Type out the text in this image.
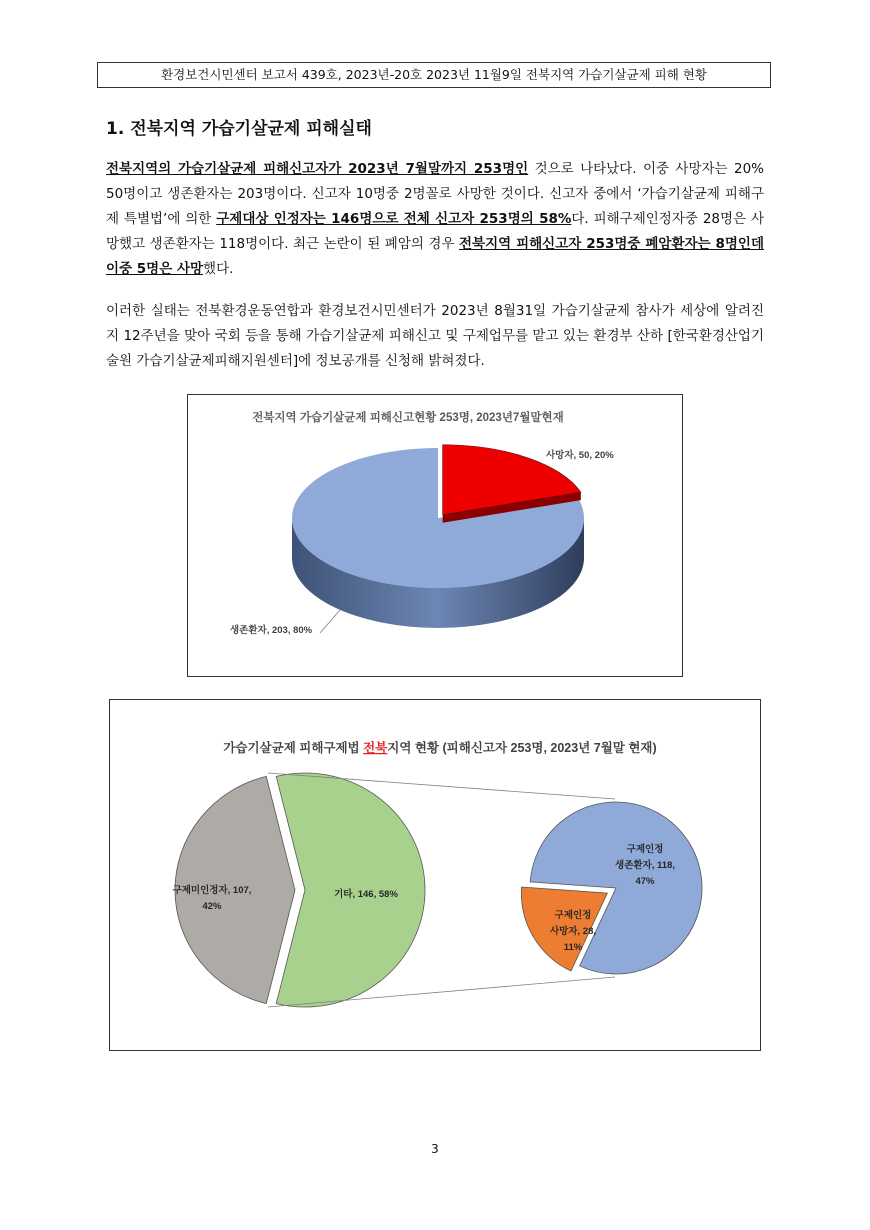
환경보건시민센터 보고서 439호, 2023년-20호 2023년 11월9일 전북지역 가습기살균제 피해 현황
1. 전북지역 가습기살균제 피해실태
전북지역의 가습기살균제 피해신고자가 2023년 7월말까지 253명인 것으로 나타났다. 이중 사망자는 20% 50명이고 생존환자는 203명이다. 신고자 10명중 2명꼴로 사망한 것이다. 신고자 중에서 ‘가습기살균제 피해구제 특별법’에 의한 구제대상 인정자는 146명으로 전체 신고자 253명의 58%다. 피해구제인정자중 28명은 사망했고 생존환자는 118명이다. 최근 논란이 된 폐암의 경우 전북지역 피해신고자 253명중 폐암환자는 8명인데 이중 5명은 사망했다.
이러한 실태는 전북환경운동연합과 환경보건시민센터가 2023년 8월31일 가습기살균제 참사가 세상에 알려진 지 12주년을 맞아 국회 등을 통해 가습기살균제 피해신고 및 구제업무를 맡고 있는 환경부 산하 [한국환경산업기술원 가습기살균제피해지원센터]에 정보공개를 신청해 밝혀졌다.
전북지역 가습기살균제 피해신고현황 253명, 2023년7월말현재
사망자, 50, 20%
생존환자, 203, 80%
가습기살균제 피해구제법 전북지역 현황 (피해신고자 253명, 2023년 7월말 현재)
구제미인정자, 107, 42%
기타, 146, 58%
구제인정 생존환자, 118, 47%
구제인정 사망자, 28, 11%
3
